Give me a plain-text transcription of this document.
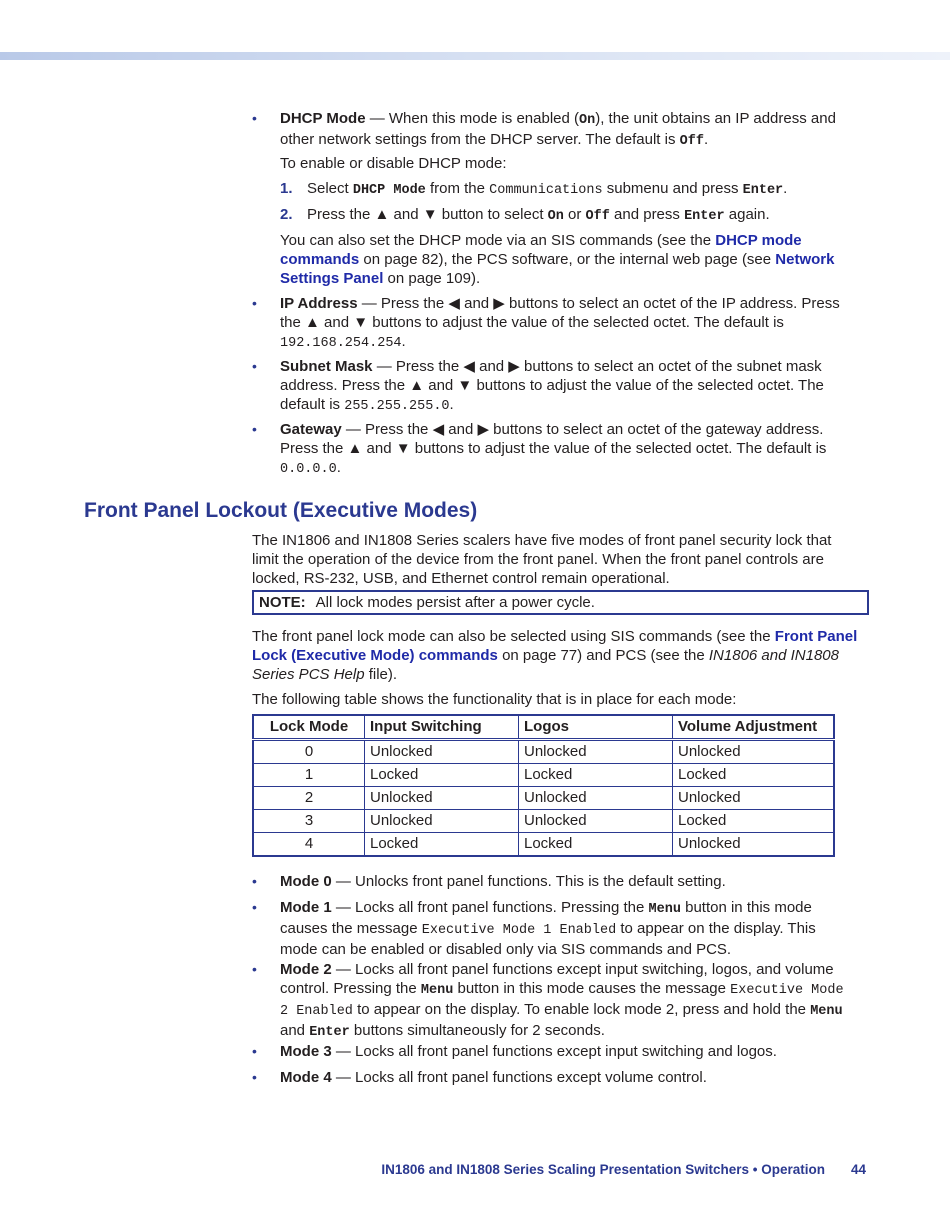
• DHCP Mode — When this mode is enabled (On), the unit obtains an IP address and other network settings from the DHCP server. The default is Off.

To enable or disable DHCP mode:

1. Select DHCP Mode from the Communications submenu and press Enter.

2. Press the ▲ and ▼ button to select On or Off and press Enter again.

You can also set the DHCP mode via an SIS commands (see the DHCP mode commands on page 82), the PCS software, or the internal web page (see Network Settings Panel on page 109).

• IP Address — Press the ◀ and ▶ buttons to select an octet of the IP address. Press the ▲ and ▼ buttons to adjust the value of the selected octet. The default is 192.168.254.254.

• Subnet Mask — Press the ◀ and ▶ buttons to select an octet of the subnet mask address. Press the ▲ and ▼ buttons to adjust the value of the selected octet. The default is 255.255.255.0.

• Gateway — Press the ◀ and ▶ buttons to select an octet of the gateway address. Press the ▲ and ▼ buttons to adjust the value of the selected octet. The default is 0.0.0.0.

Front Panel Lockout (Executive Modes)

The IN1806 and IN1808 Series scalers have five modes of front panel security lock that limit the operation of the device from the front panel. When the front panel controls are locked, RS-232, USB, and Ethernet control remain operational.

NOTE: All lock modes persist after a power cycle.

The front panel lock mode can also be selected using SIS commands (see the Front Panel Lock (Executive Mode) commands on page 77) and PCS (see the IN1806 and IN1808 Series PCS Help file).

The following table shows the functionality that is in place for each mode:

Lock Mode	Input Switching	Logos	Volume Adjustment
0	Unlocked	Unlocked	Unlocked
1	Locked	Locked	Locked
2	Unlocked	Unlocked	Unlocked
3	Unlocked	Unlocked	Locked
4	Locked	Locked	Unlocked
• Mode 0 — Unlocks front panel functions. This is the default setting.

• Mode 1 — Locks all front panel functions. Pressing the Menu button in this mode causes the message Executive Mode 1 Enabled to appear on the display. This mode can be enabled or disabled only via SIS commands and PCS.

• Mode 2 — Locks all front panel functions except input switching, logos, and volume control. Pressing the Menu button in this mode causes the message Executive Mode 2 Enabled to appear on the display. To enable lock mode 2, press and hold the Menu and Enter buttons simultaneously for 2 seconds.

• Mode 3 — Locks all front panel functions except input switching and logos.

• Mode 4 — Locks all front panel functions except volume control.

IN1806 and IN1808 Series Scaling Presentation Switchers • Operation 44
